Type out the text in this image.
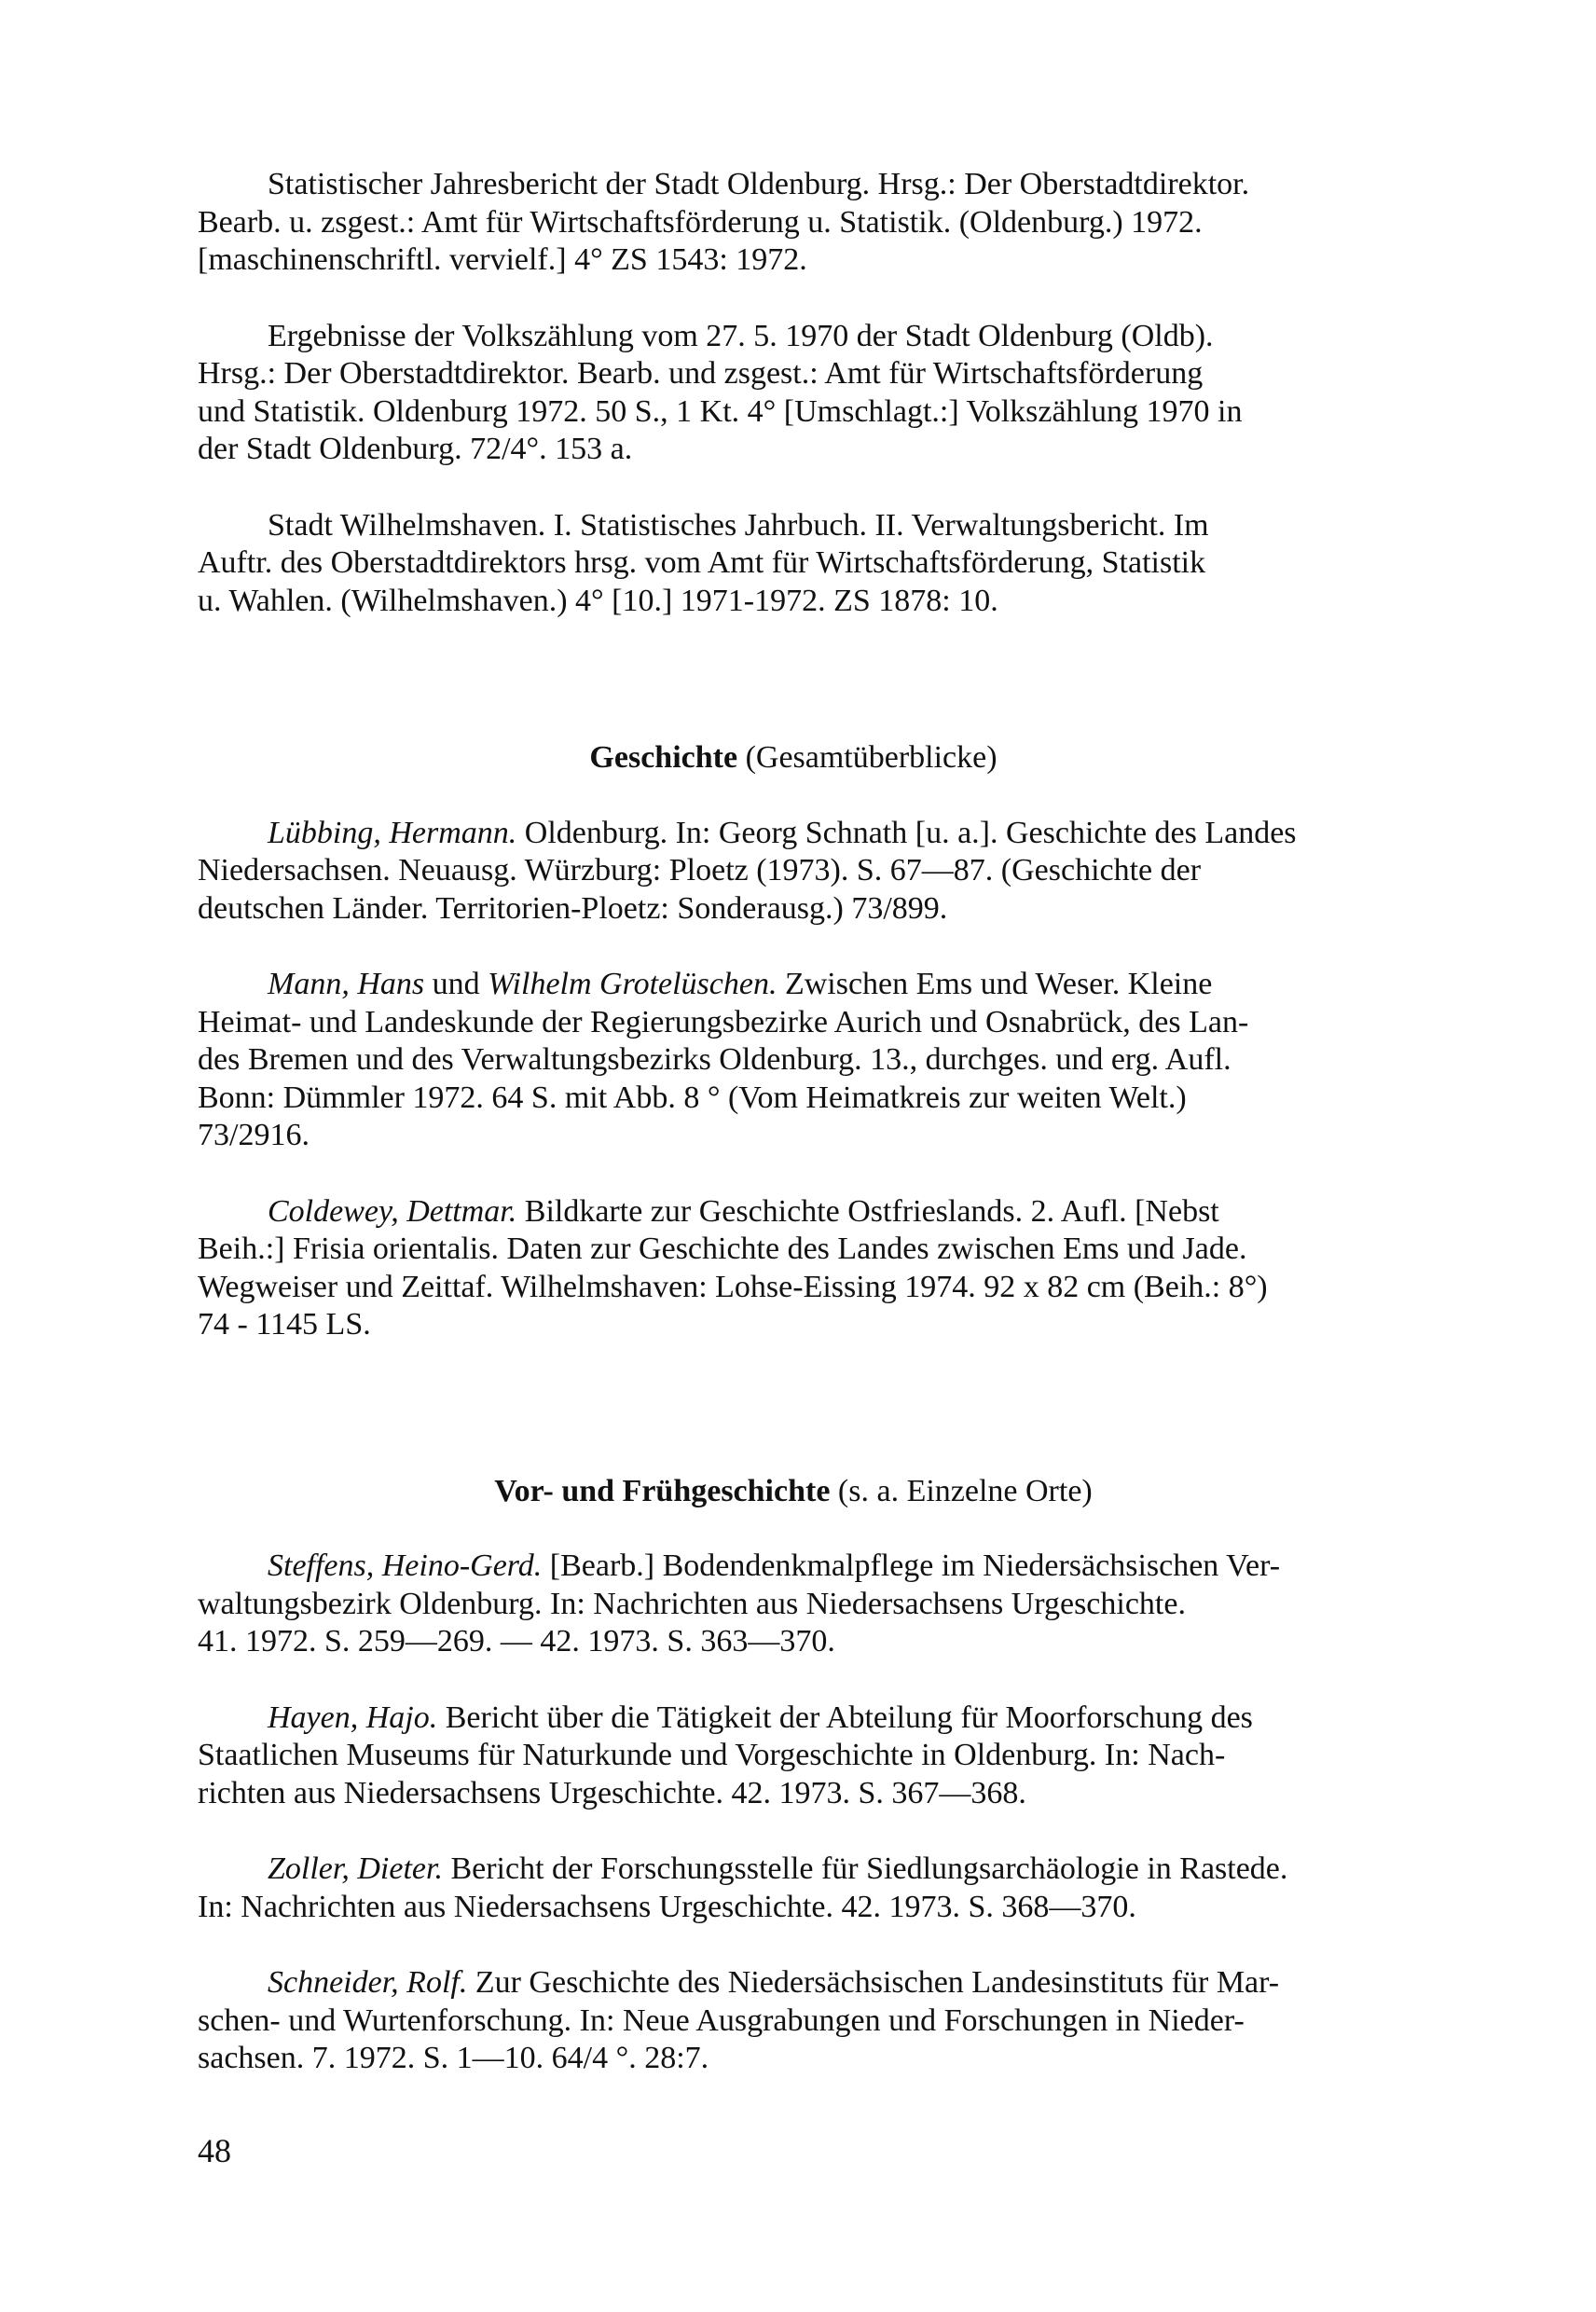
Statistischer Jahresbericht der Stadt Oldenburg. Hrsg.: Der Oberstadtdirektor.

Bearb. u. zsgest.: Amt für Wirtschaftsförderung u. Statistik. (Oldenburg.) 1972.

[maschinenschriftl. vervielf.] 4° ZS 1543: 1972.

Ergebnisse der Volkszählung vom 27. 5. 1970 der Stadt Oldenburg (Oldb).

Hrsg.: Der Oberstadtdirektor. Bearb. und zsgest.: Amt für Wirtschaftsförderung

und Statistik. Oldenburg 1972. 50 S., 1 Kt. 4° [Umschlagt.:] Volkszählung 1970 in

der Stadt Oldenburg. 72/4°. 153 a.

Stadt Wilhelmshaven. I. Statistisches Jahrbuch. II. Verwaltungsbericht. Im

Auftr. des Oberstadtdirektors hrsg. vom Amt für Wirtschaftsförderung, Statistik

u. Wahlen. (Wilhelmshaven.) 4° [10.] 1971-1972. ZS 1878: 10.

Geschichte (Gesamtüberblicke)

Lübbing, Hermann. Oldenburg. In: Georg Schnath [u. a.]. Geschichte des Landes

Niedersachsen. Neuausg. Würzburg: Ploetz (1973). S. 67—87. (Geschichte der

deutschen Länder. Territorien-Ploetz: Sonderausg.) 73/899.

Mann, Hans und Wilhelm Grotelüschen. Zwischen Ems und Weser. Kleine

Heimat- und Landeskunde der Regierungsbezirke Aurich und Osnabrück, des Lan-

des Bremen und des Verwaltungsbezirks Oldenburg. 13., durchges. und erg. Aufl.

Bonn: Dümmler 1972. 64 S. mit Abb. 8 ° (Vom Heimatkreis zur weiten Welt.)

73/2916.

Coldewey, Dettmar. Bildkarte zur Geschichte Ostfrieslands. 2. Aufl. [Nebst

Beih.:] Frisia orientalis. Daten zur Geschichte des Landes zwischen Ems und Jade.

Wegweiser und Zeittaf. Wilhelmshaven: Lohse-Eissing 1974. 92 x 82 cm (Beih.: 8°)

74 - 1145 LS.

Vor- und Frühgeschichte (s. a. Einzelne Orte)

Steffens, Heino-Gerd. [Bearb.] Bodendenkmalpflege im Niedersächsischen Ver-

waltungsbezirk Oldenburg. In: Nachrichten aus Niedersachsens Urgeschichte.

41. 1972. S. 259—269. — 42. 1973. S. 363—370.

Hayen, Hajo. Bericht über die Tätigkeit der Abteilung für Moorforschung des

Staatlichen Museums für Naturkunde und Vorgeschichte in Oldenburg. In: Nach-

richten aus Niedersachsens Urgeschichte. 42. 1973. S. 367—368.

Zoller, Dieter. Bericht der Forschungsstelle für Siedlungsarchäologie in Rastede.

In: Nachrichten aus Niedersachsens Urgeschichte. 42. 1973. S. 368—370.

Schneider, Rolf. Zur Geschichte des Niedersächsischen Landesinstituts für Mar-

schen- und Wurtenforschung. In: Neue Ausgrabungen und Forschungen in Nieder-

sachsen. 7. 1972. S. 1—10. 64/4 °. 28:7.

48
